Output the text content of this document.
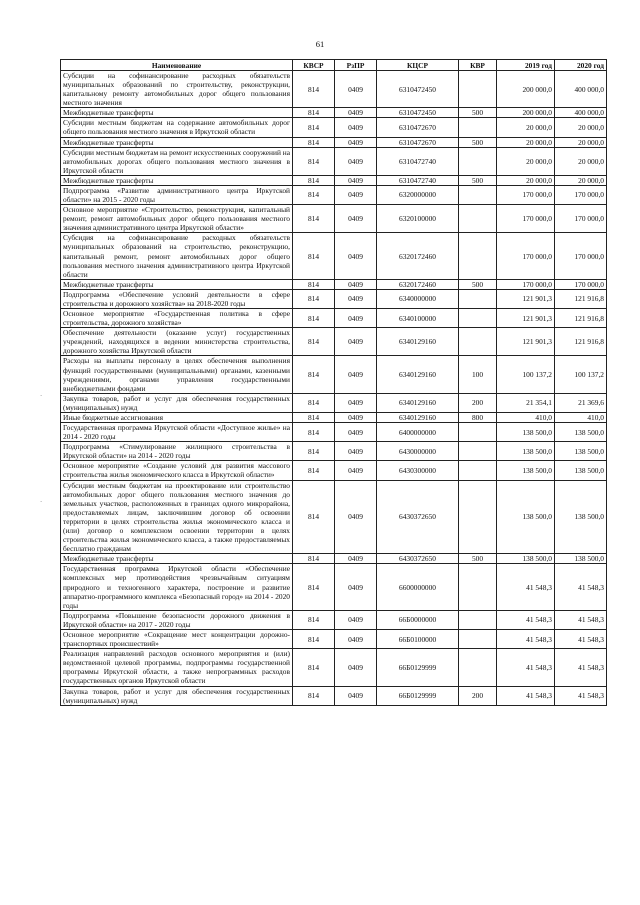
61
·
·
Наименование	КВСР	РзПР	КЦСР	КВР	2019 год	2020 год
Субсидии на софинансирование расходных обязательств муниципальных образований по строительству, реконструкции, капитальному ремонту автомобильных дорог общего пользования местного значения	814	0409	6310472450		200 000,0	400 000,0
Межбюджетные трансферты	814	0409	6310472450	500	200 000,0	400 000,0
Субсидии местным бюджетам на содержание автомобильных дорог общего пользования местного значения в Иркутской области	814	0409	6310472670		20 000,0	20 000,0
Межбюджетные трансферты	814	0409	6310472670	500	20 000,0	20 000,0
Субсидии местным бюджетам на ремонт искусственных сооружений на автомобильных дорогах общего пользования местного значения в Иркутской области	814	0409	6310472740		20 000,0	20 000,0
Межбюджетные трансферты	814	0409	6310472740	500	20 000,0	20 000,0
Подпрограмма «Развитие административного центра Иркутской области» на 2015 - 2020 годы	814	0409	6320000000		170 000,0	170 000,0
Основное мероприятие «Строительство, реконструкция, капитальный ремонт, ремонт автомобильных дорог общего пользования местного значения административного центра Иркутской области»	814	0409	6320100000		170 000,0	170 000,0
Субсидия на софинансирование расходных обязательств муниципальных образований на строительство, реконструкцию, капитальный ремонт, ремонт автомобильных дорог общего пользования местного значения административного центра Иркутской области	814	0409	6320172460		170 000,0	170 000,0
Межбюджетные трансферты	814	0409	6320172460	500	170 000,0	170 000,0
Подпрограмма «Обеспечение условий деятельности в сфере строительства и дорожного хозяйства» на 2018-2020 годы	814	0409	6340000000		121 901,3	121 916,8
Основное мероприятие «Государственная политика в сфере строительства, дорожного хозяйства»	814	0409	6340100000		121 901,3	121 916,8
Обеспечение деятельности (оказание услуг) государственных учреждений, находящихся в ведении министерства строительства, дорожного хозяйства Иркутской области	814	0409	6340129160		121 901,3	121 916,8
Расходы на выплаты персоналу в целях обеспечения выполнения функций государственными (муниципальными) органами, казенными учреждениями, органами управления государственными внебюджетными фондами	814	0409	6340129160	100	100 137,2	100 137,2
Закупка товаров, работ и услуг для обеспечения государственных (муниципальных) нужд	814	0409	6340129160	200	21 354,1	21 369,6
Иные бюджетные ассигнования	814	0409	6340129160	800	410,0	410,0
Государственная программа Иркутской области «Доступное жилье» на 2014 - 2020 годы	814	0409	6400000000		138 500,0	138 500,0
Подпрограмма «Стимулирование жилищного строительства в Иркутской области» на 2014 - 2020 годы	814	0409	6430000000		138 500,0	138 500,0
Основное мероприятие «Создание условий для развития массового строительства жилья экономического класса в Иркутской области»	814	0409	6430300000		138 500,0	138 500,0
Субсидии местным бюджетам на проектирование или строительство автомобильных дорог общего пользования местного значения до земельных участков, расположенных в границах одного микрорайона, предоставляемых лицам, заключившим договор об освоении территории в целях строительства жилья экономического класса и (или) договор о комплексном освоении территории в целях строительства жилья экономического класса, а также предоставляемых бесплатно гражданам	814	0409	6430372650		138 500,0	138 500,0
Межбюджетные трансферты	814	0409	6430372650	500	138 500,0	138 500,0
Государственная программа Иркутской области «Обеспечение комплексных мер противодействия чрезвычайным ситуациям природного и техногенного характера, построение и развитие аппаратно-программного комплекса «Безопасный город» на 2014 - 2020 годы	814	0409	6600000000		41 548,3	41 548,3
Подпрограмма «Повышение безопасности дорожного движения в Иркутской области» на 2017 - 2020 годы	814	0409	66Б0000000		41 548,3	41 548,3
Основное мероприятие «Сокращение мест концентрации дорожно-транспортных происшествий»	814	0409	66Б0100000		41 548,3	41 548,3
Реализация направлений расходов основного мероприятия и (или) ведомственной целевой программы, подпрограммы государственной программы Иркутской области, а также непрограммных расходов государственных органов Иркутской области	814	0409	66Б0129999		41 548,3	41 548,3
Закупка товаров, работ и услуг для обеспечения государственных (муниципальных) нужд	814	0409	66Б0129999	200	41 548,3	41 548,3
